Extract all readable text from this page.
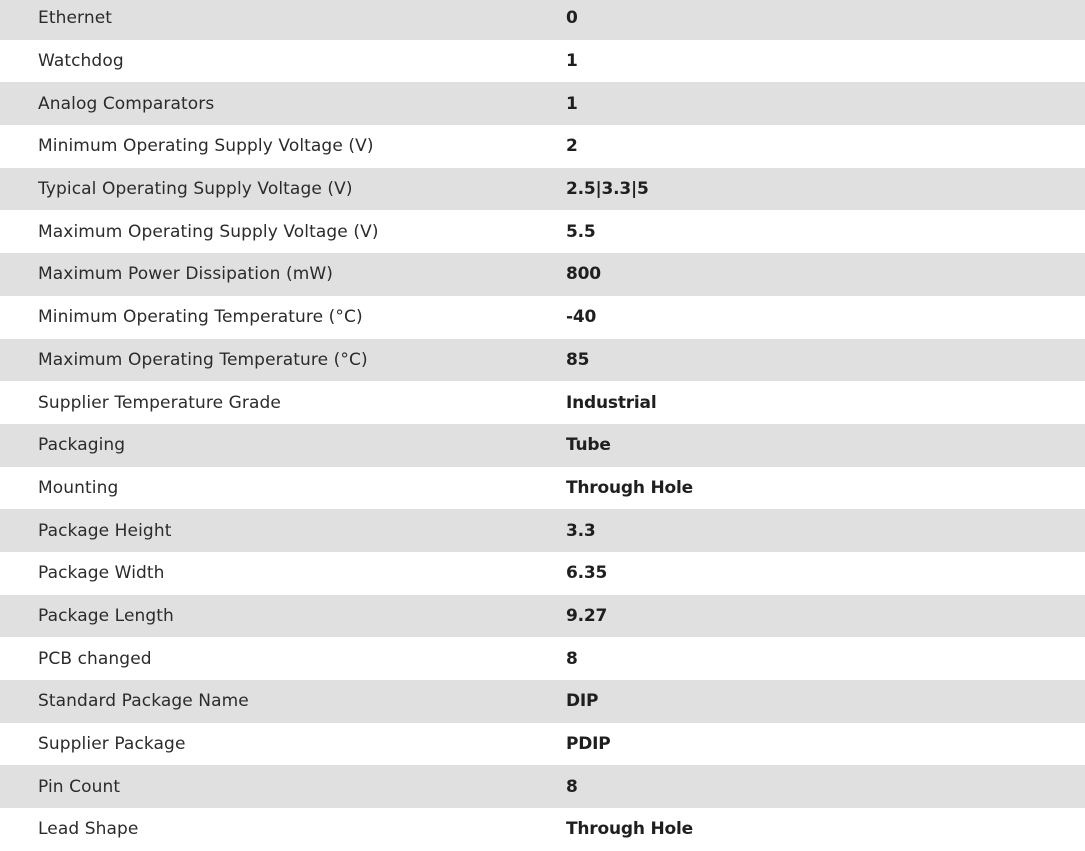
Ethernet	0
Watchdog	1
Analog Comparators	1
Minimum Operating Supply Voltage (V)	2
Typical Operating Supply Voltage (V)	2.5|3.3|5
Maximum Operating Supply Voltage (V)	5.5
Maximum Power Dissipation (mW)	800
Minimum Operating Temperature (°C)	-40
Maximum Operating Temperature (°C)	85
Supplier Temperature Grade	Industrial
Packaging	Tube
Mounting	Through Hole
Package Height	3.3
Package Width	6.35
Package Length	9.27
PCB changed	8
Standard Package Name	DIP
Supplier Package	PDIP
Pin Count	8
Lead Shape	Through Hole
